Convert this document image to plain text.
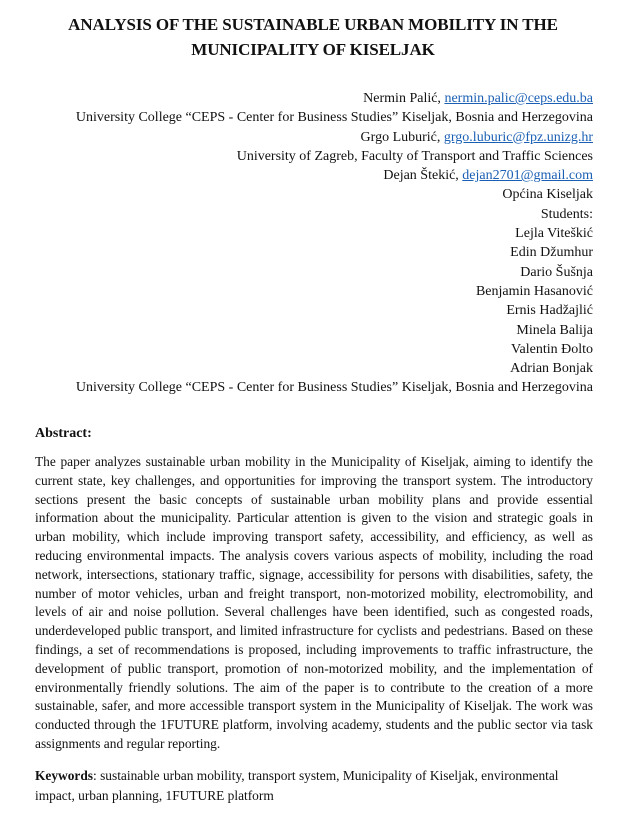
ANALYSIS OF THE SUSTAINABLE URBAN MOBILITY IN THE MUNICIPALITY OF KISELJAK
Nermin Palić, nermin.palic@ceps.edu.ba
University College “CEPS - Center for Business Studies” Kiseljak, Bosnia and Herzegovina
Grgo Luburić, grgo.luburic@fpz.unizg.hr
University of Zagreb, Faculty of Transport and Traffic Sciences
Dejan Štekić, dejan2701@gmail.com
Općina Kiseljak
Students:
Lejla Viteškić
Edin Džumhur
Dario Šušnja
Benjamin Hasanović
Ernis Hadžajlić
Minela Balija
Valentin Đolto
Adrian Bonjak
University College “CEPS - Center for Business Studies” Kiseljak, Bosnia and Herzegovina
Abstract:

The paper analyzes sustainable urban mobility in the Municipality of Kiseljak, aiming to identify the current state, key challenges, and opportunities for improving the transport system. The introductory sections present the basic concepts of sustainable urban mobility plans and provide essential information about the municipality. Particular attention is given to the vision and strategic goals in urban mobility, which include improving transport safety, accessibility, and efficiency, as well as reducing environmental impacts. The analysis covers various aspects of mobility, including the road network, intersections, stationary traffic, signage, accessibility for persons with disabilities, safety, the number of motor vehicles, urban and freight transport, non-motorized mobility, electromobility, and levels of air and noise pollution. Several challenges have been identified, such as congested roads, underdeveloped public transport, and limited infrastructure for cyclists and pedestrians. Based on these findings, a set of recommendations is proposed, including improvements to traffic infrastructure, the development of public transport, promotion of non-motorized mobility, and the implementation of environmentally friendly solutions. The aim of the paper is to contribute to the creation of a more sustainable, safer, and more accessible transport system in the Municipality of Kiseljak. The work was conducted through the 1FUTURE platform, involving academy, students and the public sector via task assignments and regular reporting.

Keywords: sustainable urban mobility, transport system, Municipality of Kiseljak, environmental impact, urban planning, 1FUTURE platform
